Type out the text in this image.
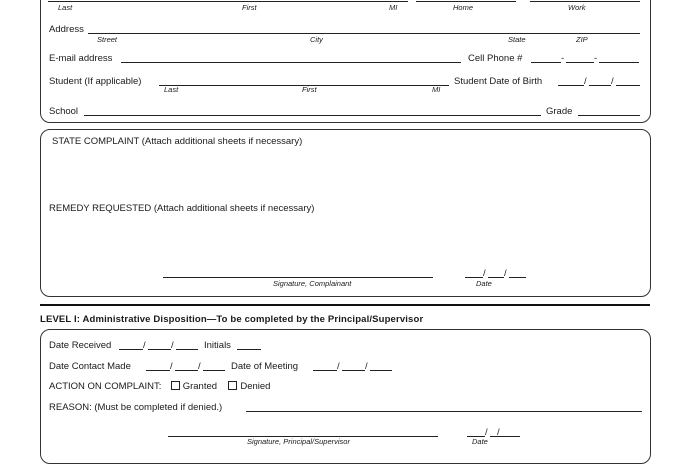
Last	First	MI	Home	Work
Address
Street	City	State	ZIP
E-mail address	Cell Phone #	-	-
Student (If applicable)
Last	First	MI
Student Date of Birth	/	/
School	Grade
STATE COMPLAINT (Attach additional sheets if necessary)
REMEDY REQUESTED (Attach additional sheets if necessary)
Signature, Complainant
/ /
Date
LEVEL I: Administrative Disposition—To be completed by the Principal/Supervisor
Date Received	/	/	Initials
Date Contact Made	/	/	Date of Meeting	/	/
ACTION ON COMPLAINT: Granted Denied
REASON: (Must be completed if denied.)
Signature, Principal/Supervisor
/ /
Date
